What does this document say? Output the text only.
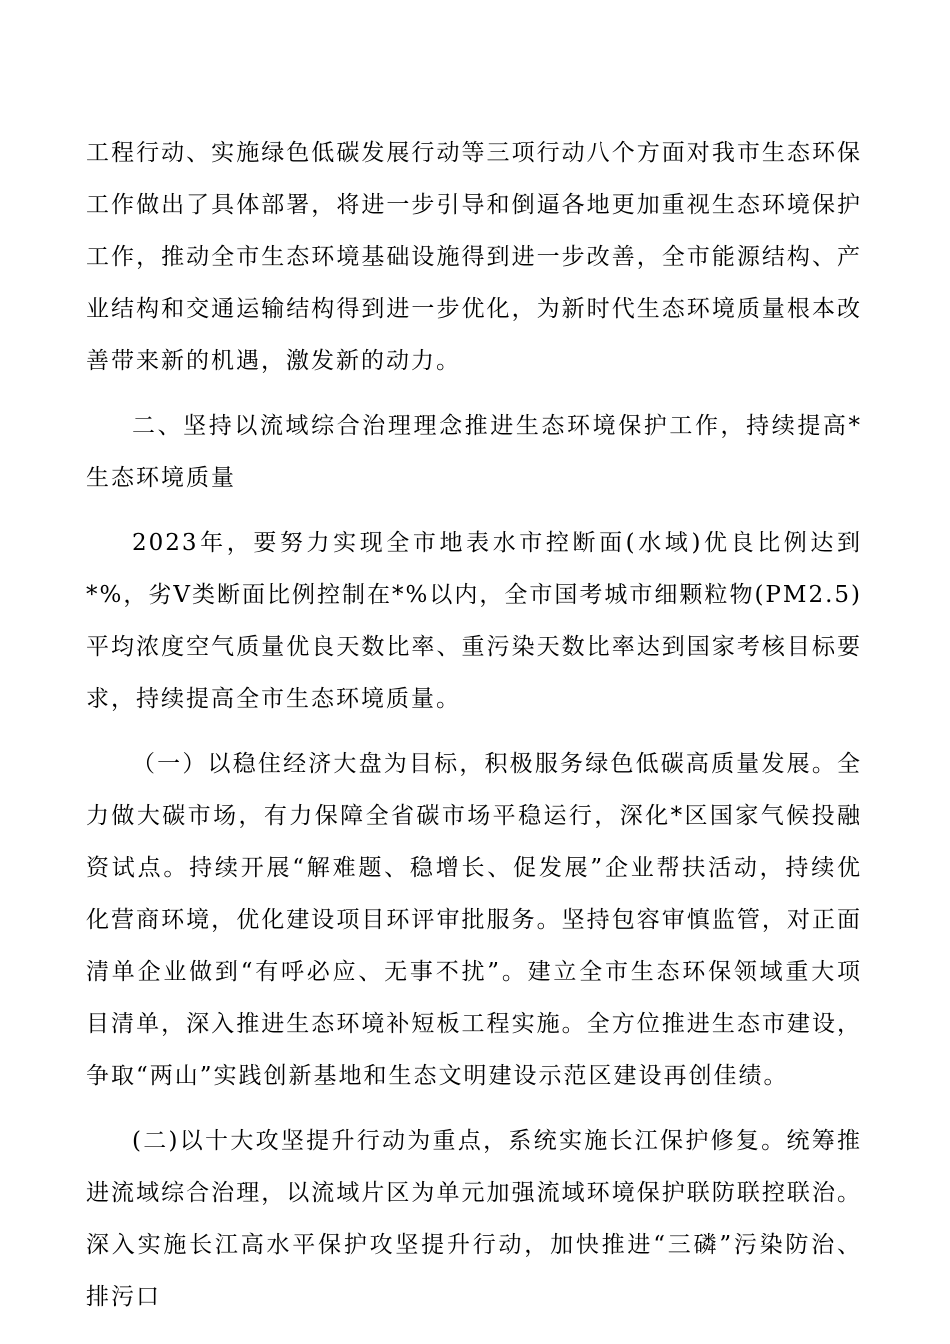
工程行动、实施绿色低碳发展行动等三项行动八个方面对我市生态环保工作做出了具体部署，将进一步引导和倒逼各地更加重视生态环境保护工作，推动全市生态环境基础设施得到进一步改善，全市能源结构、产业结构和交通运输结构得到进一步优化，为新时代生态环境质量根本改善带来新的机遇，激发新的动力。

二、坚持以流域综合治理理念推进生态环境保护工作，持续提高*生态环境质量

2023年，要努力实现全市地表水市控断面(水域)优良比例达到*%，劣V类断面比例控制在*%以内，全市国考城市细颗粒物(PM2.5)平均浓度空气质量优良天数比率、重污染天数比率达到国家考核目标要求，持续提高全市生态环境质量。

（一）以稳住经济大盘为目标，积极服务绿色低碳高质量发展。全力做大碳市场，有力保障全省碳市场平稳运行，深化*区国家气候投融资试点。持续开展“解难题、稳增长、促发展”企业帮扶活动，持续优化营商环境，优化建设项目环评审批服务。坚持包容审慎监管，对正面清单企业做到“有呼必应、无事不扰”。建立全市生态环保领域重大项目清单，深入推进生态环境补短板工程实施。全方位推进生态市建设，争取“两山”实践创新基地和生态文明建设示范区建设再创佳绩。

(二)以十大攻坚提升行动为重点，系统实施长江保护修复。统筹推进流域综合治理，以流域片区为单元加强流域环境保护联防联控联治。深入实施长江高水平保护攻坚提升行动，加快推进“三磷”污染防治、排污口
